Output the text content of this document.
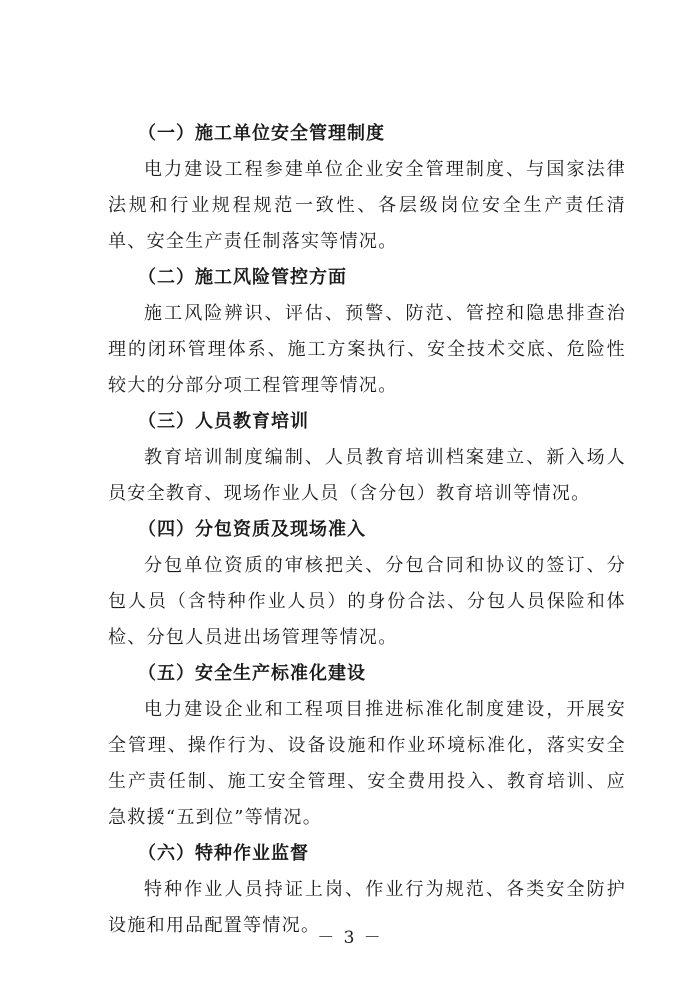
（一）施工单位安全管理制度

电力建设工程参建单位企业安全管理制度、与国家法律法规和行业规程规范一致性、各层级岗位安全生产责任清单、安全生产责任制落实等情况。

（二）施工风险管控方面

施工风险辨识、评估、预警、防范、管控和隐患排查治理的闭环管理体系、施工方案执行、安全技术交底、危险性较大的分部分项工程管理等情况。

（三）人员教育培训

教育培训制度编制、人员教育培训档案建立、新入场人员安全教育、现场作业人员（含分包）教育培训等情况。

（四）分包资质及现场准入

分包单位资质的审核把关、分包合同和协议的签订、分包人员（含特种作业人员）的身份合法、分包人员保险和体检、分包人员进出场管理等情况。

（五）安全生产标准化建设

电力建设企业和工程项目推进标准化制度建设，开展安全管理、操作行为、设备设施和作业环境标准化，落实安全生产责任制、施工安全管理、安全费用投入、教育培训、应急救援“五到位”等情况。

（六）特种作业监督

特种作业人员持证上岗、作业行为规范、各类安全防护设施和用品配置等情况。

－ 3 －
